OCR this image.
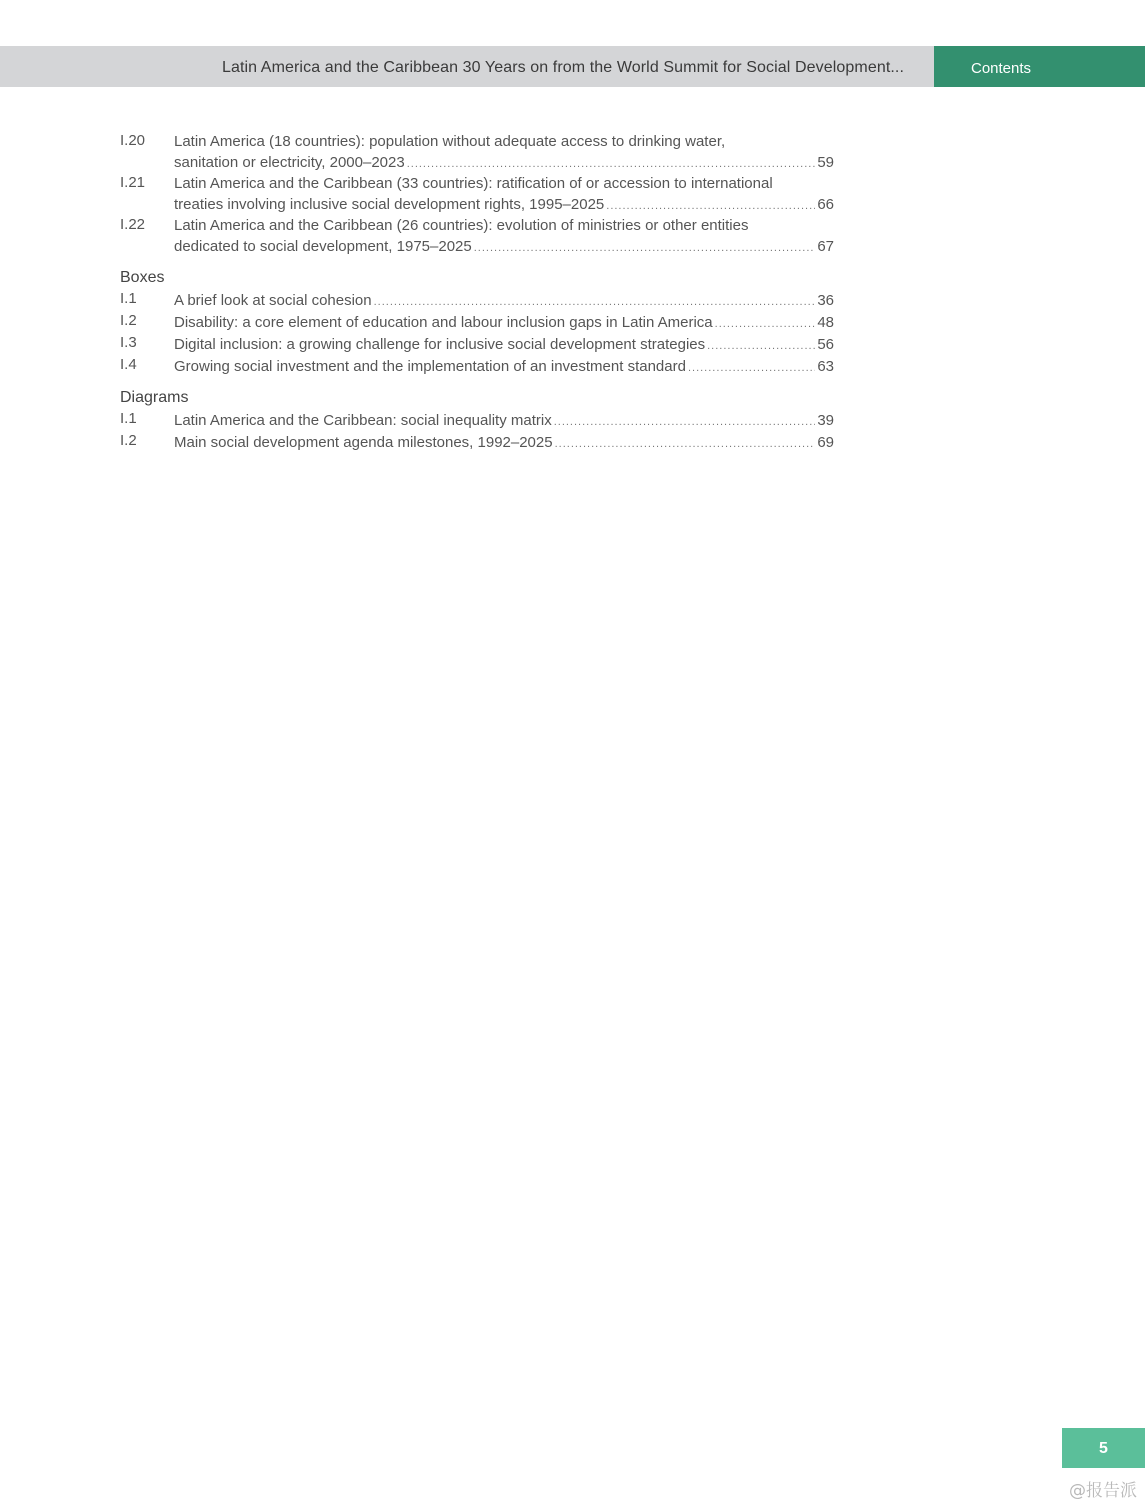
Latin America and the Caribbean 30 Years on from the World Summit for Social Development...	Contents
I.20	Latin America (18 countries): population without adequate access to drinking water,
sanitation or electricity, 2000–2023 .....	59
I.21	Latin America and the Caribbean (33 countries): ratification of or accession to international
treaties involving inclusive social development rights, 1995–2025 .....	66
I.22	Latin America and the Caribbean (26 countries): evolution of ministries or other entities
dedicated to social development, 1975–2025 .....	67
Boxes
I.1	A brief look at social cohesion .....	36
I.2	Disability: a core element of education and labour inclusion gaps in Latin America .....	48
I.3	Digital inclusion: a growing challenge for inclusive social development strategies .....	56
I.4	Growing social investment and the implementation of an investment standard .....	63
Diagrams
I.1	Latin America and the Caribbean: social inequality matrix .....	39
I.2	Main social development agenda milestones, 1992–2025 .....	69
5
@报告派
